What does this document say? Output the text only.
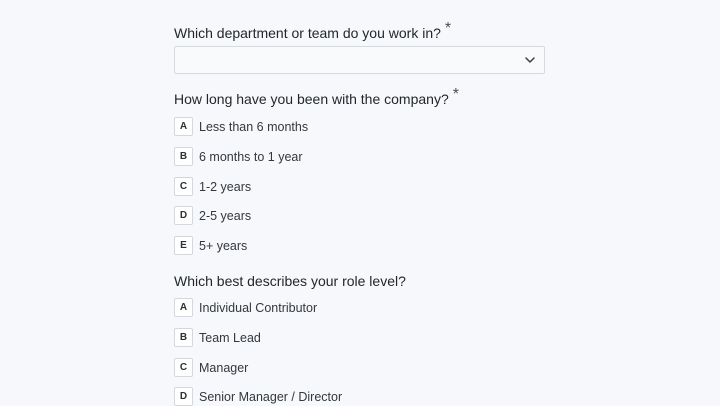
Which department or team do you work in? *

How long have you been with the company? *

A Less than 6 months
B 6 months to 1 year
C 1-2 years
D 2-5 years
E 5+ years

Which best describes your role level?

A Individual Contributor
B Team Lead
C Manager
D Senior Manager / Director
